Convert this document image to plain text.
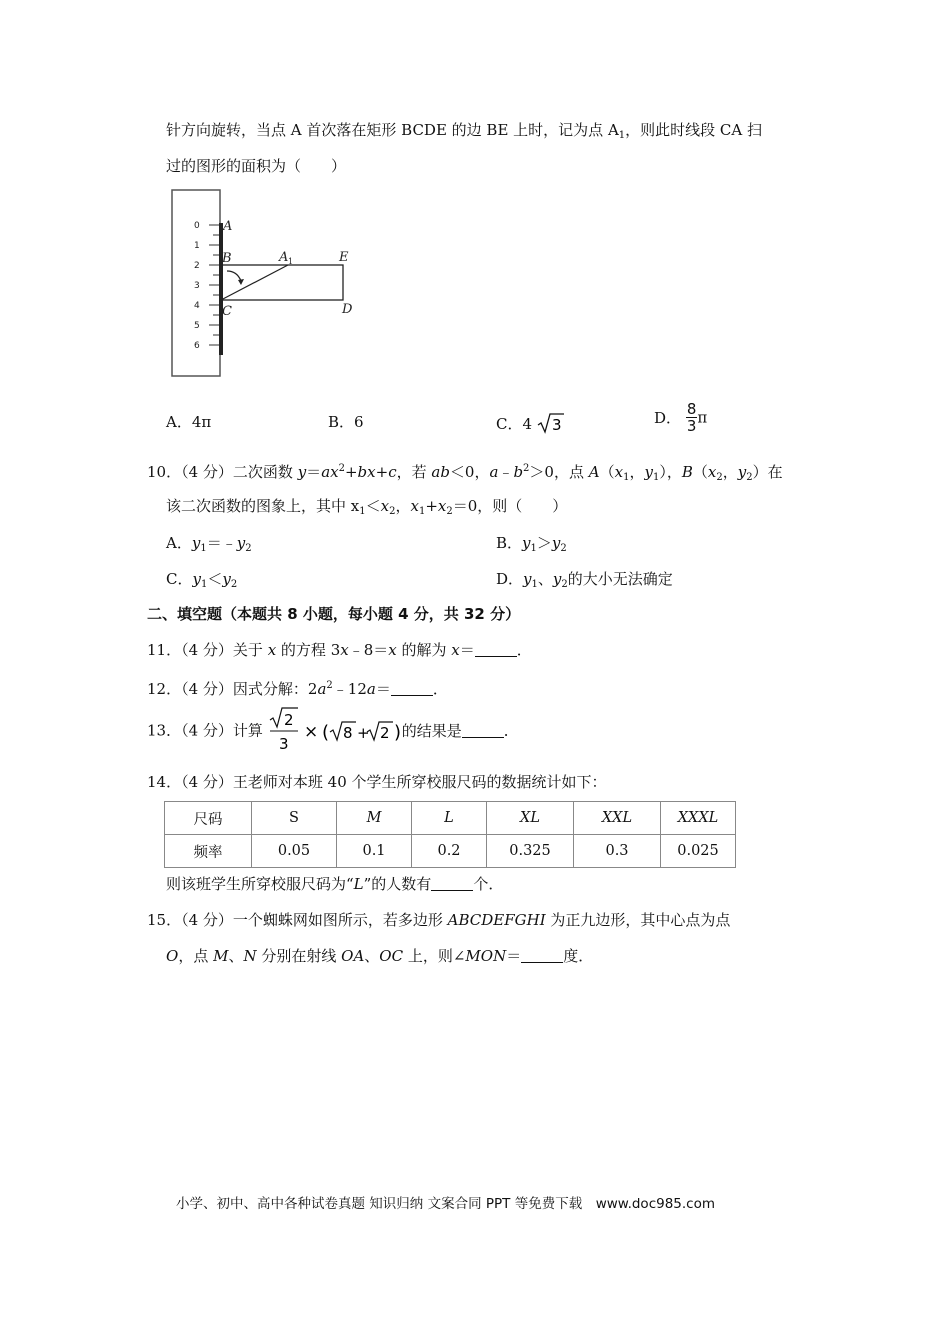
针方向旋转，当点 A 首次落在矩形 BCDE 的边 BE 上时，记为点 $A_1$，则此时线段 CA 扫
过的图形的面积为（　　）
0
1
2
3
4
5
6
A
B
C	D
E
A 1
A．4π	B．6	C．4 3	D． $\frac{8}{3}$ π
10．（4 分）二次函数 $y=ax^2+bx+c$，若 ab＜0，$a﹣b^2>0$，点 $A(x_1$，$y_1$），$B(x_2$，$y_2$）在
该二次函数的图象上，其中 $x_1<x_2$，$x_1+x_2=0$，则（　　）
A．$y_1=﹣y_2$	B．$y_1>y_2$
C．$y_1<y_2$	D．$y_1$、$y_2$的大小无法确定
二、填空题（本题共 8 小题，每小题 4 分，共 32 分）
11．（4 分）关于 x 的方程 3x﹣8＝x 的解为 x＝	．
12．（4 分）因式分解：$2a^2﹣12a=$	．
13．（4 分）计算
2
3
× ( 8 + 2 ) 的结果是	．
14．（4 分）王老师对本班 40 个学生所穿校服尺码的数据统计如下：
尺码	S	M	L	XL	XXL	XXXL
频率	0.05	0.1	0.2	0.325	0.3	0.025
则该班学生所穿校服尺码为“L”的人数有	个．
15．（4 分）一个蜘蛛网如图所示，若多边形 ABCDEFGHI 为正九边形，其中心点为点
O，点 M、N 分别在射线 OA、OC 上，则∠MON＝	度．
小学、初中、高中各种试卷真题 知识归纳 文案合同 PPT 等免费下载　www.doc985.com
